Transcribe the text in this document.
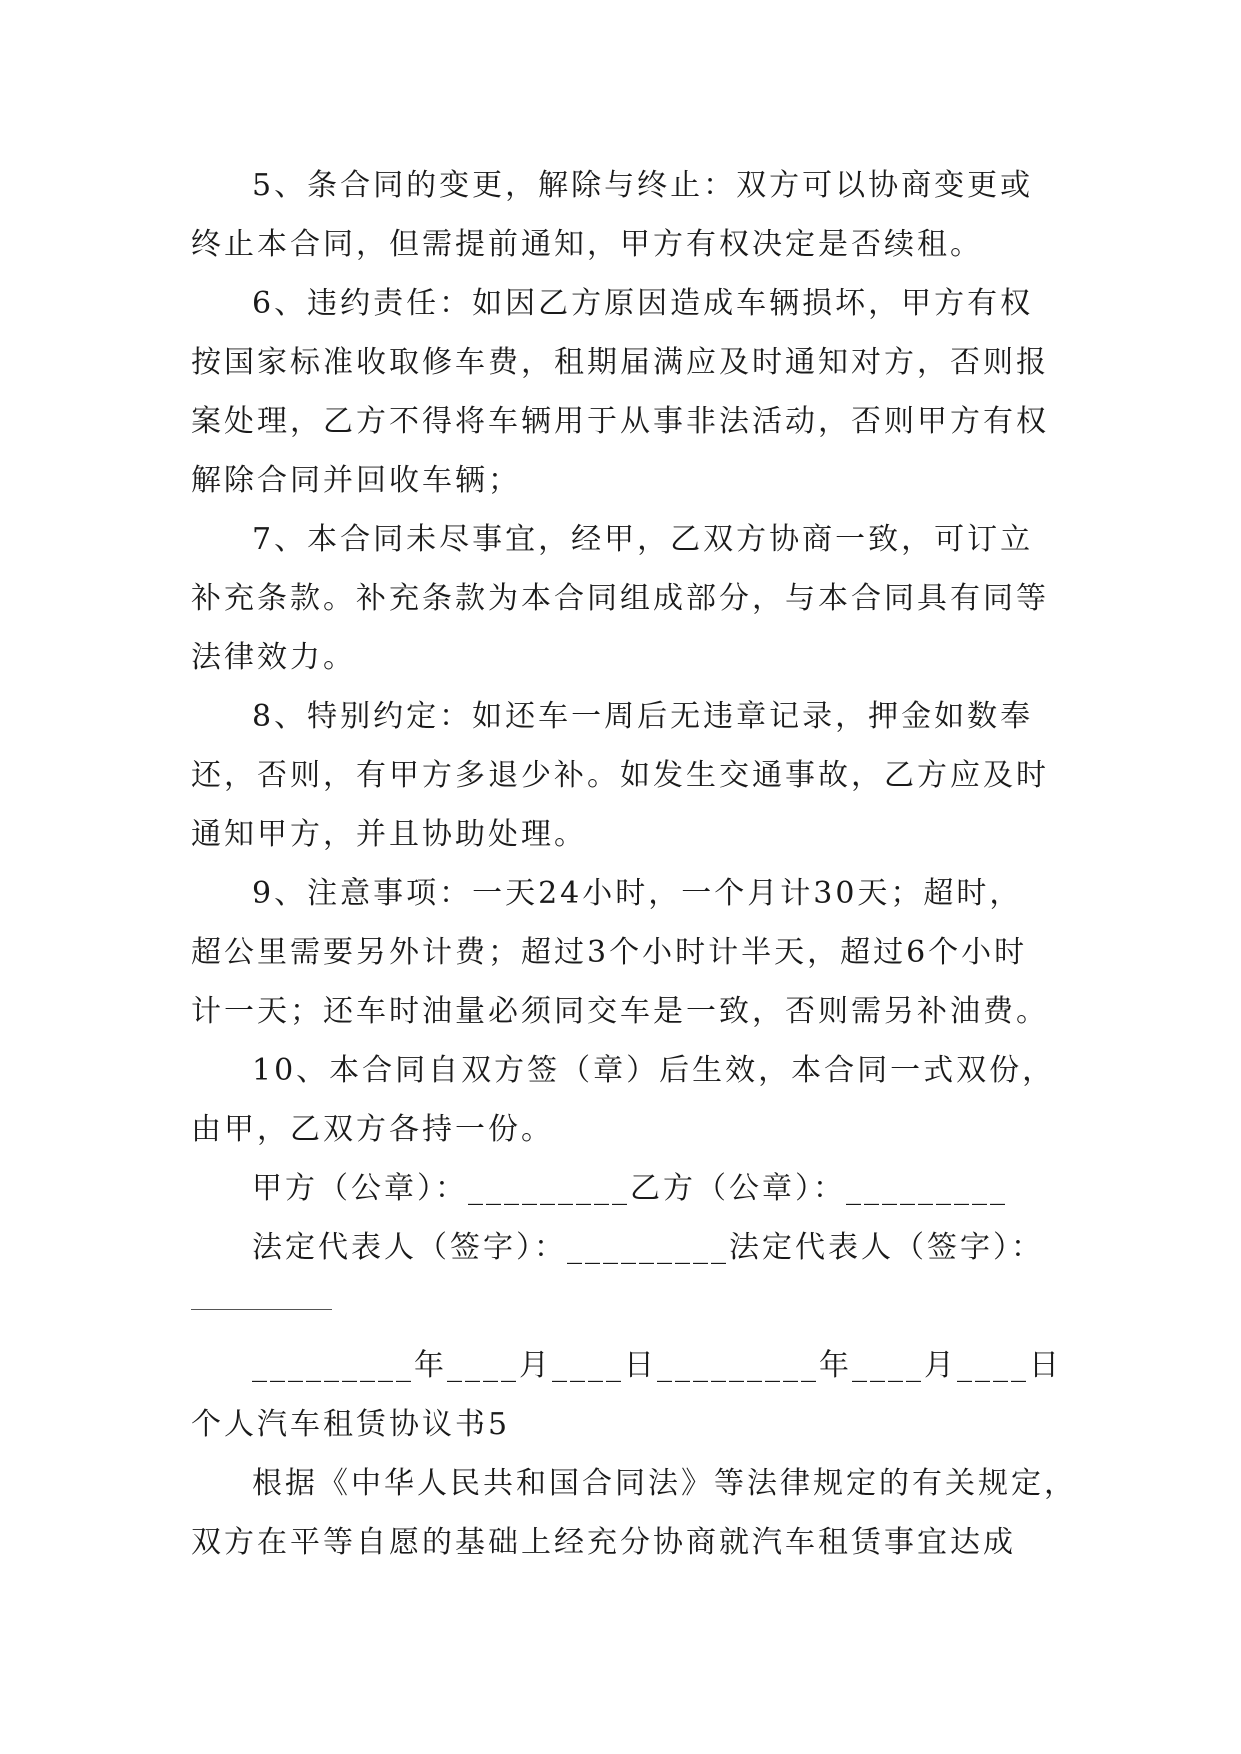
5、条合同的变更，解除与终止：双方可以协商变更或
终止本合同，但需提前通知，甲方有权决定是否续租。
6、违约责任：如因乙方原因造成车辆损坏，甲方有权
按国家标准收取修车费，租期届满应及时通知对方，否则报
案处理，乙方不得将车辆用于从事非法活动，否则甲方有权
解除合同并回收车辆；
7、本合同未尽事宜，经甲，乙双方协商一致，可订立
补充条款。补充条款为本合同组成部分，与本合同具有同等
法律效力。
8、特别约定：如还车一周后无违章记录，押金如数奉
还，否则，有甲方多退少补。如发生交通事故，乙方应及时
通知甲方，并且协助处理。
9、注意事项：一天24小时，一个月计30天；超时，
超公里需要另外计费；超过3个小时计半天，超过6个小时
计一天；还车时油量必须同交车是一致，否则需另补油费。
10、本合同自双方签（章）后生效，本合同一式双份，
由甲，乙双方各持一份。
甲方（公章）：_________乙方（公章）：_________
法定代表人（签字）：_________法定代表人（签字）：
_________年____月____日_________年____月____日
个人汽车租赁协议书5
根据《中华人民共和国合同法》等法律规定的有关规定，
双方在平等自愿的基础上经充分协商就汽车租赁事宜达成
